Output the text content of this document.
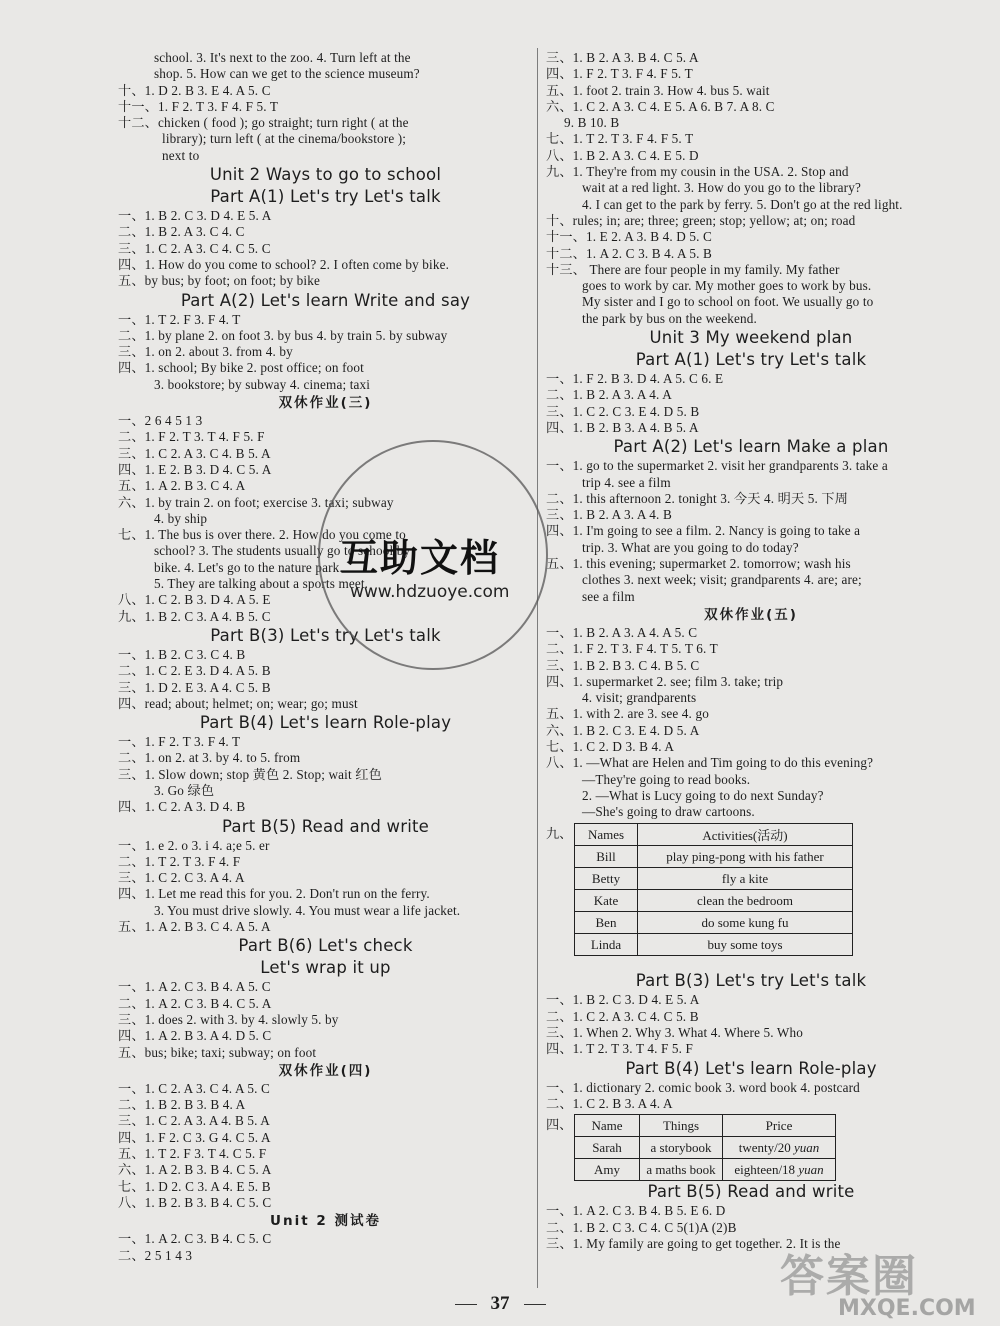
school. 3. It's next to the zoo. 4. Turn left at the
shop. 5. How can we get to the science museum?
十、1. D 2. B 3. E 4. A 5. C
十一、1. F 2. T 3. F 4. F 5. T
十二、chicken ( food ); go straight; turn right ( at the
library); turn left ( at the cinema/bookstore );
next to
Unit 2 Ways to go to school
Part A(1) Let's try Let's talk
一、1. B 2. C 3. D 4. E 5. A
二、1. B 2. A 3. C 4. C
三、1. C 2. A 3. C 4. C 5. C
四、1. How do you come to school? 2. I often come by bike.
五、by bus; by foot; on foot; by bike
Part A(2) Let's learn Write and say
一、1. T 2. F 3. F 4. T
二、1. by plane 2. on foot 3. by bus 4. by train 5. by subway
三、1. on 2. about 3. from 4. by
四、1. school; By bike 2. post office; on foot
3. bookstore; by subway 4. cinema; taxi
双休作业(三)
一、2 6 4 5 1 3
二、1. F 2. T 3. T 4. F 5. F
三、1. C 2. A 3. C 4. B 5. A
四、1. E 2. B 3. D 4. C 5. A
五、1. A 2. B 3. C 4. A
六、1. by train 2. on foot; exercise 3. taxi; subway
4. by ship
七、1. The bus is over there. 2. How do you come to
school? 3. The students usually go to school by
bike. 4. Let's go to the nature park.
5. They are talking about a sports meet.
八、1. C 2. B 3. D 4. A 5. E
九、1. B 2. C 3. A 4. B 5. C
Part B(3) Let's try Let's talk
一、1. B 2. C 3. C 4. B
二、1. C 2. E 3. D 4. A 5. B
三、1. D 2. E 3. A 4. C 5. B
四、read; about; helmet; on; wear; go; must
Part B(4) Let's learn Role-play
一、1. F 2. T 3. F 4. T
二、1. on 2. at 3. by 4. to 5. from
三、1. Slow down; stop 黄色 2. Stop; wait 红色
3. Go 绿色
四、1. C 2. A 3. D 4. B
Part B(5) Read and write
一、1. e 2. o 3. i 4. a;e 5. er
二、1. T 2. T 3. F 4. F
三、1. C 2. C 3. A 4. A
四、1. Let me read this for you. 2. Don't run on the ferry.
3. You must drive slowly. 4. You must wear a life jacket.
五、1. A 2. B 3. C 4. A 5. A
Part B(6) Let's check
Let's wrap it up
一、1. A 2. C 3. B 4. A 5. C
二、1. A 2. C 3. B 4. C 5. A
三、1. does 2. with 3. by 4. slowly 5. by
四、1. A 2. B 3. A 4. D 5. C
五、bus; bike; taxi; subway; on foot
双休作业(四)
一、1. C 2. A 3. C 4. A 5. C
二、1. B 2. B 3. B 4. A
三、1. C 2. A 3. A 4. B 5. A
四、1. F 2. C 3. G 4. C 5. A
五、1. T 2. F 3. T 4. C 5. F
六、1. A 2. B 3. B 4. C 5. A
七、1. D 2. C 3. A 4. E 5. B
八、1. B 2. B 3. B 4. C 5. C
Unit 2 测试卷
一、1. A 2. C 3. B 4. C 5. C
二、2 5 1 4 3
三、1. B 2. A 3. B 4. C 5. A
四、1. F 2. T 3. F 4. F 5. T
五、1. foot 2. train 3. How 4. bus 5. wait
六、1. C 2. A 3. C 4. E 5. A 6. B 7. A 8. C
9. B 10. B
七、1. T 2. T 3. F 4. F 5. T
八、1. B 2. A 3. C 4. E 5. D
九、1. They're from my cousin in the USA. 2. Stop and
wait at a red light. 3. How do you go to the library?
4. I can get to the park by ferry. 5. Don't go at the red light.
十、rules; in; are; three; green; stop; yellow; at; on; road
十一、1. E 2. A 3. B 4. D 5. C
十二、1. A 2. C 3. B 4. A 5. B
十三、 There are four people in my family. My father
goes to work by car. My mother goes to work by bus.
My sister and I go to school on foot. We usually go to
the park by bus on the weekend.
Unit 3 My weekend plan
Part A(1) Let's try Let's talk
一、1. F 2. B 3. D 4. A 5. C 6. E
二、1. B 2. A 3. A 4. A
三、1. C 2. C 3. E 4. D 5. B
四、1. B 2. B 3. A 4. B 5. A
Part A(2) Let's learn Make a plan
一、1. go to the supermarket 2. visit her grandparents 3. take a
trip 4. see a film
二、1. this afternoon 2. tonight 3. 今天 4. 明天 5. 下周
三、1. B 2. A 3. A 4. B
四、1. I'm going to see a film. 2. Nancy is going to take a
trip. 3. What are you going to do today?
五、1. this evening; supermarket 2. tomorrow; wash his
clothes 3. next week; visit; grandparents 4. are; are;
see a film
双休作业(五)
一、1. B 2. A 3. A 4. A 5. C
二、1. F 2. T 3. F 4. T 5. T 6. T
三、1. B 2. B 3. C 4. B 5. C
四、1. supermarket 2. see; film 3. take; trip
4. visit; grandparents
五、1. with 2. are 3. see 4. go
六、1. B 2. C 3. E 4. D 5. A
七、1. C 2. D 3. B 4. A
八、1. —What are Helen and Tim going to do this evening?
—They're going to read books.
2. —What is Lucy going to do next Sunday?
—She's going to draw cartoons.
九、 Names	Activities(活动)
Bill	play ping-pong with his father
Betty	fly a kite
Kate	clean the bedroom
Ben	do some kung fu
Linda	buy some toys
Part B(3) Let's try Let's talk
一、1. B 2. C 3. D 4. E 5. A
二、1. C 2. A 3. C 4. C 5. B
三、1. When 2. Why 3. What 4. Where 5. Who
四、1. T 2. T 3. T 4. F 5. F
Part B(4) Let's learn Role-play
一、1. dictionary 2. comic book 3. word book 4. postcard
二、1. C 2. B 3. A 4. A
四、 Name	Things	Price
Sarah	a storybook	twenty/20 yuan
Amy	a maths book	eighteen/18 yuan
Part B(5) Read and write
一、1. A 2. C 3. B 4. B 5. E 6. D
二、1. B 2. C 3. C 4. C 5(1)A (2)B
三、1. My family are going to get together. 2. It is the
互助文档
www.hdzuoye.com
37
答案圈
MXQE.COM
